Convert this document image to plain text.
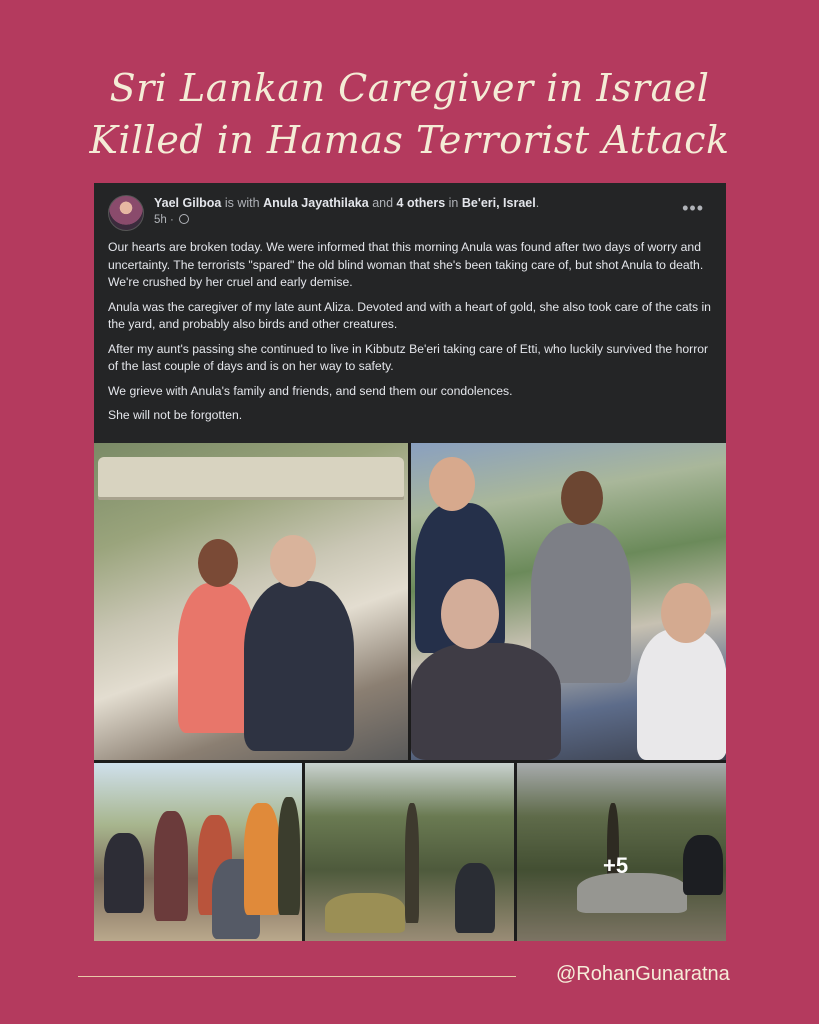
Sri Lankan Caregiver in Israel
Killed in Hamas Terrorist Attack
Yael Gilboa is with Anula Jayathilaka and 4 others in Be'eri, Israel.
5h ·
•••

Our hearts are broken today. We were informed that this morning Anula was found after two days of worry and uncertainty. The terrorists "spared" the old blind woman that she's been taking care of, but shot Anula to death. We're crushed by her cruel and early demise.

Anula was the caregiver of my late aunt Aliza. Devoted and with a heart of gold, she also took care of the cats in the yard, and probably also birds and other creatures.

After my aunt's passing she continued to live in Kibbutz Be'eri taking care of Etti, who luckily survived the horror of the last couple of days and is on her way to safety.

We grieve with Anula's family and friends, and send them our condolences.

She will not be forgotten.

+5
@RohanGunaratna
